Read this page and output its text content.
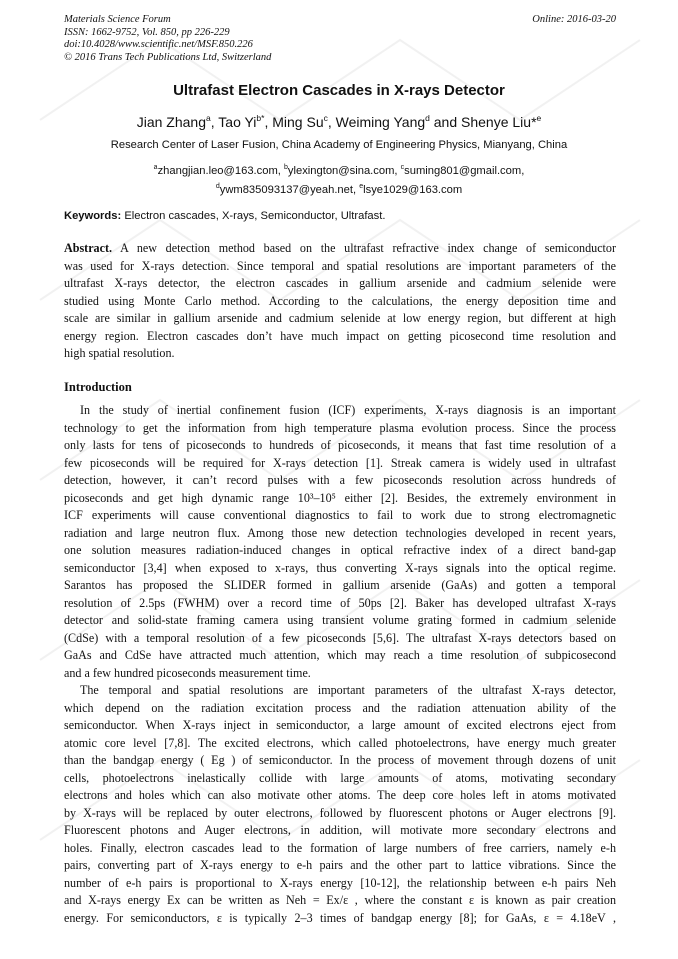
Materials Science Forum
ISSN: 1662-9752, Vol. 850, pp 226-229
doi:10.4028/www.scientific.net/MSF.850.226
© 2016 Trans Tech Publications Ltd, Switzerland
Online: 2016-03-20
Ultrafast Electron Cascades in X-rays Detector
Jian Zhang$^a$, Tao $Yi^{b*}$, Ming Su$^c$, Weiming Yang$^d$ and Shenye Liu*$^e$
Research Center of Laser Fusion, China Academy of Engineering Physics, Mianyang, China
$^a$zhangjian.leo@163.com, $^b$ylexington@sina.com, $^c$suming801@gmail.com,
$^d$ywm835093137@yeah.net, $^e$lsye1029@163.com
Keywords: Electron cascades, X-rays, Semiconductor, Ultrafast.
Abstract. A new detection method based on the ultrafast refractive index change of semiconductor
was used for X-rays detection. Since temporal and spatial resolutions are important parameters of the
ultrafast X-rays detector, the electron cascades in gallium arsenide and cadmium selenide were
studied using Monte Carlo method. According to the calculations, the energy deposition time and
scale are similar in gallium arsenide and cadmium selenide at low energy region, but different at high
energy region. Electron cascades don’t have much impact on getting picosecond time resolution and
high spatial resolution.
Introduction
In the study of inertial confinement fusion (ICF) experiments, X-rays diagnosis is an important
technology to get the information from high temperature plasma evolution process. Since the process
only lasts for tens of picoseconds to hundreds of picoseconds, it means that fast time resolution of a
few picoseconds will be required for X-rays detection [1]. Streak camera is widely used in ultrafast
detection, however, it can’t record pulses with a few picoseconds resolution across hundreds of
picoseconds and get high dynamic range 10³–10⁵ either [2]. Besides, the extremely environment in
ICF experiments will cause conventional diagnostics to fail to work due to strong electromagnetic
radiation and large neutron flux. Among those new detection technologies developed in recent years,
one solution measures radiation-induced changes in optical refractive index of a direct band-gap
semiconductor [3,4] when exposed to x-rays, thus converting X-rays signals into the optical regime.
Sarantos has proposed the SLIDER formed in gallium arsenide (GaAs) and gotten a temporal
resolution of 2.5ps (FWHM) over a record time of 50ps [2]. Baker has developed ultrafast X-rays
detector and solid-state framing camera using transient volume grating formed in cadmium selenide
(CdSe) with a temporal resolution of a few picoseconds [5,6]. The ultrafast X-rays detectors based on
GaAs and CdSe have attracted much attention, which may reach a time resolution of subpicosecond
and a few hundred picoseconds measurement time.
The temporal and spatial resolutions are important parameters of the ultrafast X-rays detector,
which depend on the radiation excitation process and the radiation attenuation ability of the
semiconductor. When X-rays inject in semiconductor, a large amount of excited electrons eject from
atomic core level [7,8]. The excited electrons, which called photoelectrons, have energy much greater
than the bandgap energy ( Eg ) of semiconductor. In the process of movement through dozens of unit
cells, photoelectrons inelastically collide with large amounts of atoms, motivating secondary
electrons and holes which can also motivate other atoms. The deep core holes left in atoms motivated
by X-rays will be replaced by outer electrons, followed by fluorescent photons or Auger electrons [9].
Fluorescent photons and Auger electrons, in addition, will motivate more secondary electrons and
holes. Finally, electron cascades lead to the formation of large numbers of free carriers, namely e-h
pairs, converting part of X-rays energy to e-h pairs and the other part to lattice vibrations. Since the
number of e-h pairs is proportional to X-rays energy [10-12], the relationship between e-h pairs Neh
and X-rays energy Ex can be written as Neh = Ex/ε , where the constant ε is known as pair creation
energy. For semiconductors, ε is typically 2–3 times of bandgap energy [8]; for GaAs, ε = 4.18eV ,
